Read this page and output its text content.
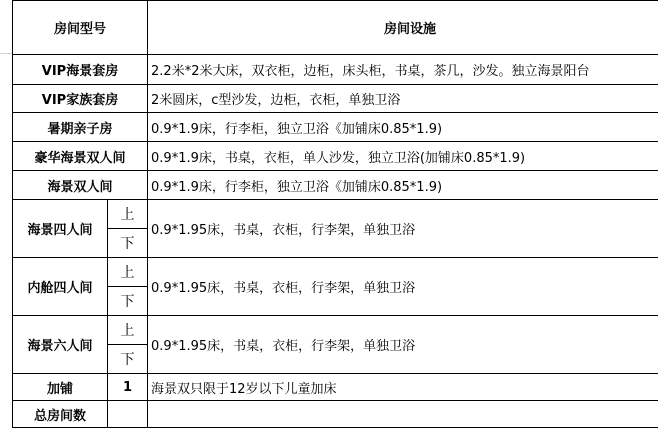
房间型号		房间设施
VIP海景套房		2.2米*2米大床，双衣柜，边柜，床头柜，书桌，茶几，沙发。独立海景阳台
VIP家族套房		2米圆床，c型沙发，边柜，衣柜，单独卫浴
暑期亲子房		0.9*1.9床，行李柜，独立卫浴《加铺床0.85*1.9)
豪华海景双人间		0.9*1.9床，书桌，衣柜，单人沙发，独立卫浴(加铺床0.85*1.9)
海景双人间		0.9*1.9床，行李柜，独立卫浴《加铺床0.85*1.9)
海景四人间	上	0.9*1.95床，书桌，衣柜，行李架，单独卫浴
	下	
内舱四人间	上	0.9*1.95床，书桌，衣柜，行李架，单独卫浴
	下	
海景六人间	上	0.9*1.95床，书桌，衣柜，行李架，单独卫浴
	下	
加铺	1	海景双只限于12岁以下儿童加床
总房间数		
